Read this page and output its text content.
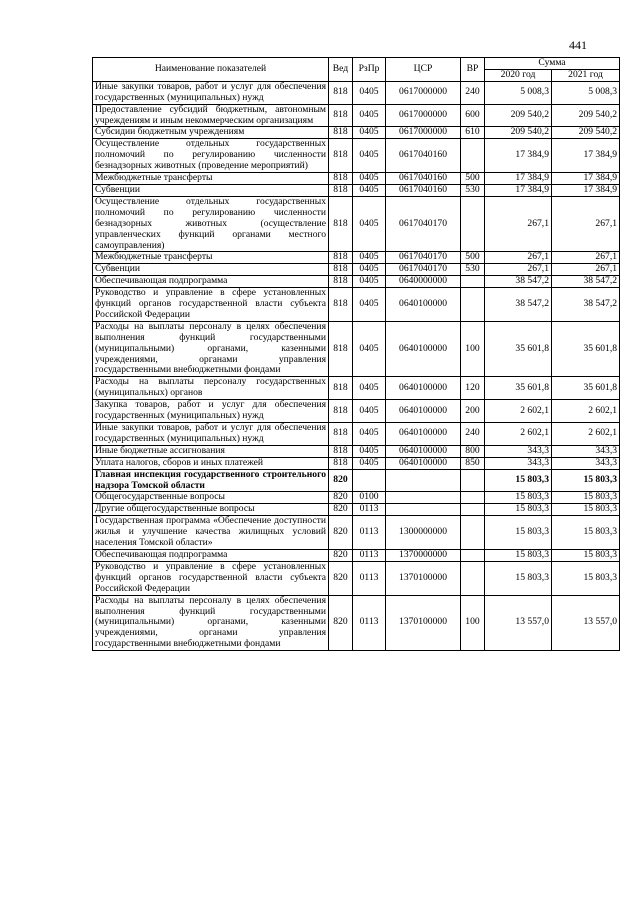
441
Наименование показателей	Вед	РзПр	ЦСР	ВР	Сумма	
					2020 год	2021 год
Иные закупки товаров, работ и услуг для обеспечения государственных (муниципальных) нужд	818	0405	0617000000	240	5 008,3	5 008,3
Предоставление субсидий бюджетным, автономным учреждениям и иным некоммерческим организациям	818	0405	0617000000	600	209 540,2	209 540,2
Субсидии бюджетным учреждениям	818	0405	0617000000	610	209 540,2	209 540,2
Осуществление отдельных государственных полномочий по регулированию численности безнадзорных животных (проведение мероприятий)	818	0405	0617040160		17 384,9	17 384,9
Межбюджетные трансферты	818	0405	0617040160	500	17 384,9	17 384,9
Субвенции	818	0405	0617040160	530	17 384,9	17 384,9
Осуществление отдельных государственных полномочий по регулированию численности безнадзорных животных (осуществление управленческих функций органами местного самоуправления)	818	0405	0617040170		267,1	267,1
Межбюджетные трансферты	818	0405	0617040170	500	267,1	267,1
Субвенции	818	0405	0617040170	530	267,1	267,1
Обеспечивающая подпрограмма	818	0405	0640000000		38 547,2	38 547,2
Руководство и управление в сфере установленных функций органов государственной власти субъекта Российской Федерации	818	0405	0640100000		38 547,2	38 547,2
Расходы на выплаты персоналу в целях обеспечения выполнения функций государственными (муниципальными) органами, казенными учреждениями, органами управления государственными внебюджетными фондами	818	0405	0640100000	100	35 601,8	35 601,8
Расходы на выплаты персоналу государственных (муниципальных) органов	818	0405	0640100000	120	35 601,8	35 601,8
Закупка товаров, работ и услуг для обеспечения государственных (муниципальных) нужд	818	0405	0640100000	200	2 602,1	2 602,1
Иные закупки товаров, работ и услуг для обеспечения государственных (муниципальных) нужд	818	0405	0640100000	240	2 602,1	2 602,1
Иные бюджетные ассигнования	818	0405	0640100000	800	343,3	343,3
Уплата налогов, сборов и иных платежей	818	0405	0640100000	850	343,3	343,3
Главная инспекция государственного строительного надзора Томской области	820				15 803,3	15 803,3
Общегосударственные вопросы	820	0100			15 803,3	15 803,3
Другие общегосударственные вопросы	820	0113			15 803,3	15 803,3
Государственная программа «Обеспечение доступности жилья и улучшение качества жилищных условий населения Томской области»	820	0113	1300000000		15 803,3	15 803,3
Обеспечивающая подпрограмма	820	0113	1370000000		15 803,3	15 803,3
Руководство и управление в сфере установленных функций органов государственной власти субъекта Российской Федерации	820	0113	1370100000		15 803,3	15 803,3
Расходы на выплаты персоналу в целях обеспечения выполнения функций государственными (муниципальными) органами, казенными учреждениями, органами управления государственными внебюджетными фондами	820	0113	1370100000	100	13 557,0	13 557,0
